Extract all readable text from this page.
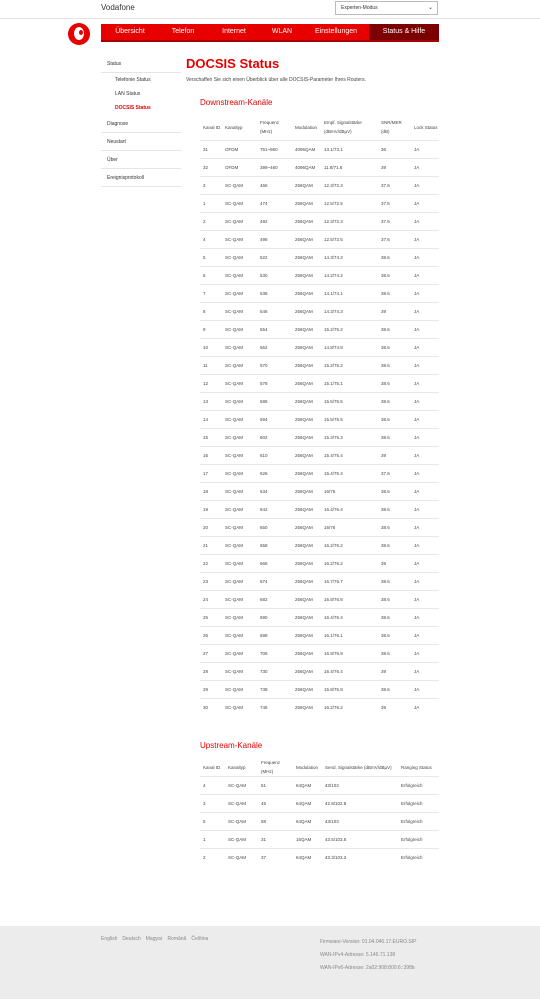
Vodafone	Experten-Modus	⌄
Übersicht	Telefon	Internet	WLAN	Einstellungen	Status & Hilfe
Status
Telefonie Status
LAN Status
DOCSIS Status
Diagnose
Neustart
Über
Ereignisprotokoll
DOCSIS Status
Verschaffen Sie sich einen Überblick über alle DOCSIS-Parameter Ihres Routers.
Downstream-Kanäle
Kanal ID	Kanaltyp	Frequenz (MHz)	Modulation	Empf. Signalstärke (dBmV/dBµV)	SNR/MER (dB)	Lock Status
31	OFDM	751~860	4096QAM	13.1/73.1	36	JA
32	OFDM	399~460	4096QAM	11.8/71.8	39	JA
3	SC-QAM	466	256QAM	12.3/72.3	37.6	JA
1	SC-QAM	474	256QAM	12.5/72.5	37.6	JA
2	SC-QAM	482	256QAM	12.3/72.3	37.6	JA
4	SC-QAM	498	256QAM	12.5/72.5	37.6	JA
5	SC-QAM	522	256QAM	14.3/74.3	38.6	JA
6	SC-QAM	530	256QAM	14.2/74.2	38.6	JA
7	SC-QAM	538	256QAM	14.1/74.1	38.6	JA
8	SC-QAM	546	256QAM	14.3/74.3	39	JA
9	SC-QAM	554	256QAM	15.2/75.2	38.6	JA
10	SC-QAM	562	256QAM	14.8/74.8	38.6	JA
11	SC-QAM	570	256QAM	15.2/75.2	38.6	JA
12	SC-QAM	578	256QAM	15.1/75.1	38.6	JA
13	SC-QAM	586	256QAM	15.5/75.5	38.6	JA
14	SC-QAM	594	256QAM	15.5/75.5	38.6	JA
15	SC-QAM	602	256QAM	15.3/75.3	38.6	JA
16	SC-QAM	610	256QAM	15.4/75.4	39	JA
17	SC-QAM	626	256QAM	15.4/75.4	37.6	JA
18	SC-QAM	634	256QAM	16/76	38.6	JA
19	SC-QAM	642	256QAM	16.4/76.4	38.6	JA
20	SC-QAM	650	256QAM	16/76	38.6	JA
21	SC-QAM	658	256QAM	16.2/76.2	38.6	JA
22	SC-QAM	666	256QAM	16.2/76.2	39	JA
23	SC-QAM	674	256QAM	16.7/76.7	38.6	JA
24	SC-QAM	682	256QAM	16.8/76.8	38.6	JA
25	SC-QAM	690	256QAM	16.4/76.4	38.6	JA
26	SC-QAM	698	256QAM	16.1/76.1	38.6	JA
27	SC-QAM	706	256QAM	16.9/76.9	38.6	JA
28	SC-QAM	730	256QAM	16.4/76.4	39	JA
29	SC-QAM	738	256QAM	15.8/75.8	38.6	JA
30	SC-QAM	746	256QAM	16.2/76.2	39	JA
Upstream-Kanäle
Kanal ID	Kanaltyp	Frequenz (MHz)	Modulation	Send. Signalstärke (dBmV/dBµV)	Ranging Status
4	SC-QAM	51	64QAM	43/103	Erfolgreich
3	SC-QAM	45	64QAM	42.8/102.8	Erfolgreich
5	SC-QAM	58	64QAM	43/103	Erfolgreich
1	SC-QAM	31	16QAM	43.5/103.5	Erfolgreich
2	SC-QAM	37	64QAM	43.3/103.3	Erfolgreich
English Deutsch Magyar Română Čeština	Firmware-Version: 01.04.046.17.EURO.SIP
WAN-IPv4-Adresse: 5.146.71.138
WAN-IPv6-Adresse: 2a02:908:800:6::398b
